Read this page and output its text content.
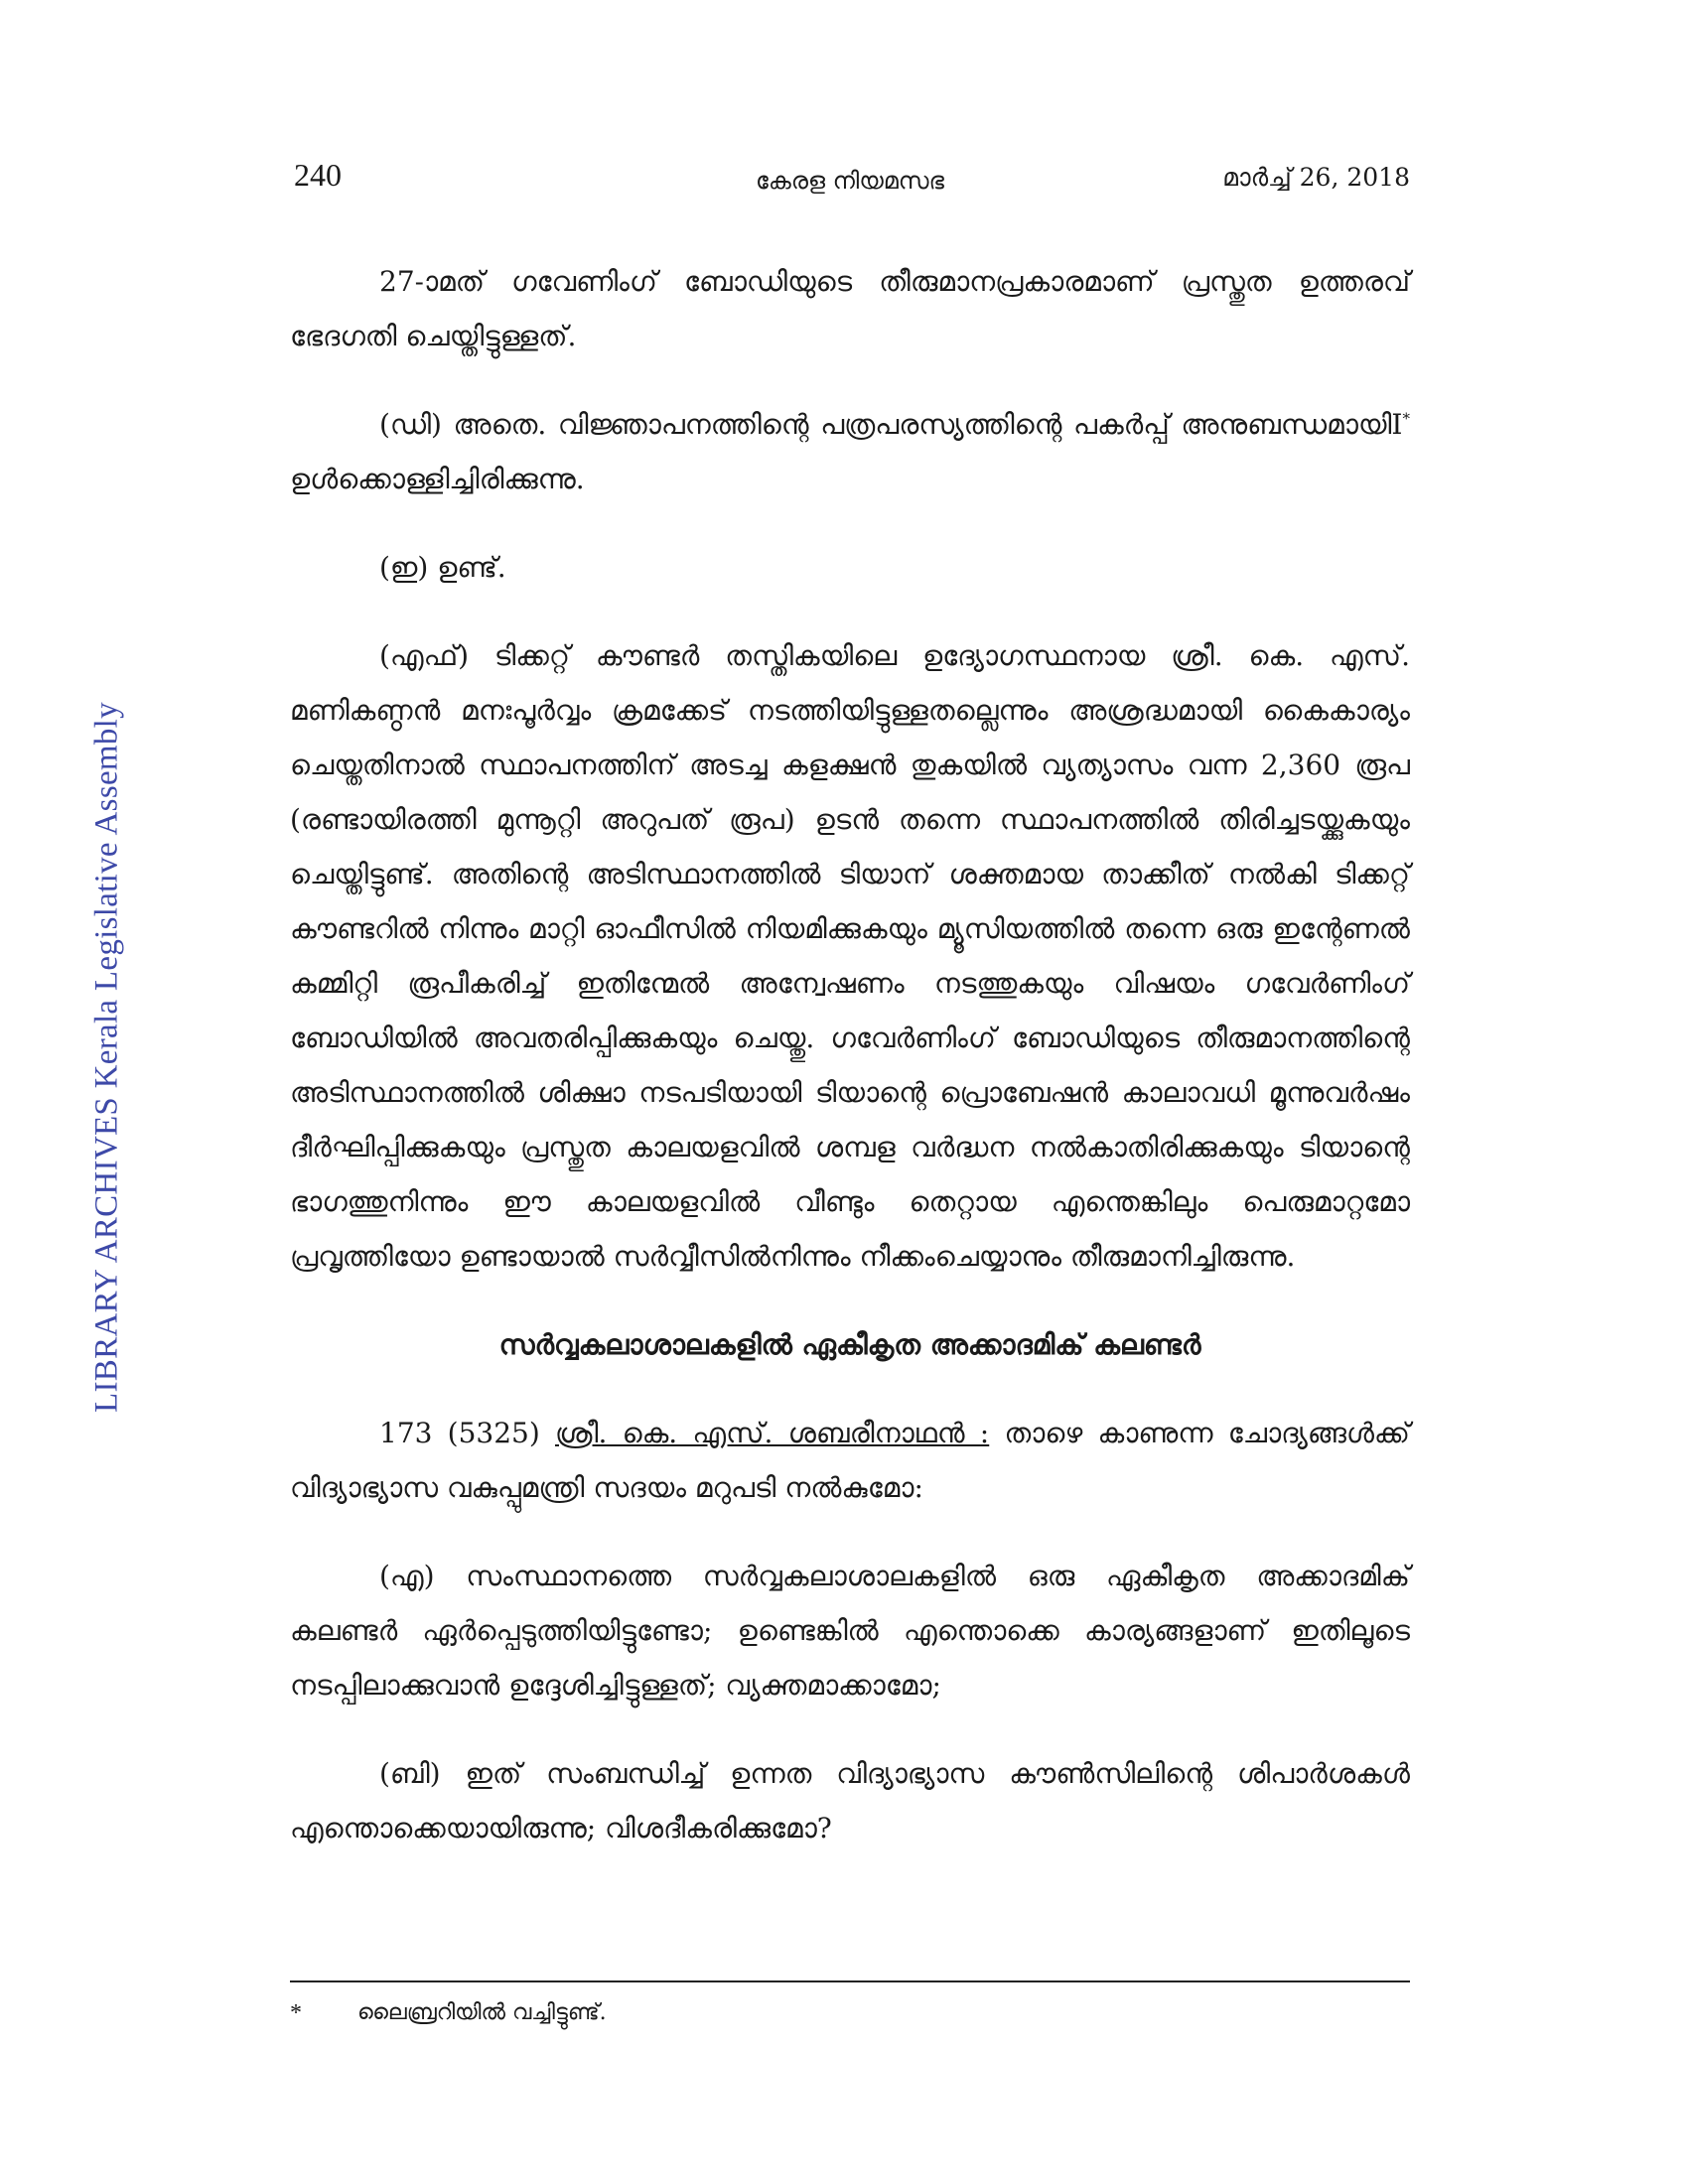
LIBRARY ARCHIVES Kerala Legislative Assembly
240	കേരള നിയമസഭ	മാർച്ച് 26, 2018

27-ാമത് ഗവേണിംഗ് ബോഡിയുടെ തീരുമാനപ്രകാരമാണ് പ്രസ്തുത ഉത്തരവ് ഭേദഗതി ചെയ്തിട്ടുള്ളത്.

(ഡി) അതെ. വിജ്ഞാപനത്തിന്റെ പത്രപരസ്യത്തിന്റെ പകർപ്പ് അനുബന്ധമായിI* ഉൾക്കൊള്ളിച്ചിരിക്കുന്നു.

(ഇ) ഉണ്ട്.

(എഫ്) ടിക്കറ്റ് കൗണ്ടർ തസ്തികയിലെ ഉദ്യോഗസ്ഥനായ ശ്രീ. കെ. എസ്. മണികണ്ഠൻ മനഃപൂർവ്വം ക്രമക്കേട് നടത്തിയിട്ടുള്ളതല്ലെന്നും അശ്രദ്ധമായി കൈകാര്യം ചെയ്തതിനാൽ സ്ഥാപനത്തിന് അടച്ച കളക്ഷൻ തുകയിൽ വ്യത്യാസം വന്ന 2,360 രൂപ (രണ്ടായിരത്തി മുന്നൂറ്റി അറുപത് രൂപ) ഉടൻ തന്നെ സ്ഥാപനത്തിൽ തിരിച്ചടയ്ക്കുകയും ചെയ്തിട്ടുണ്ട്. അതിന്റെ അടിസ്ഥാനത്തിൽ ടിയാന് ശക്തമായ താക്കീത് നൽകി ടിക്കറ്റ് കൗണ്ടറിൽ നിന്നും മാറ്റി ഓഫീസിൽ നിയമിക്കുകയും മ്യൂസിയത്തിൽ തന്നെ ഒരു ഇന്റേണൽ കമ്മിറ്റി രൂപീകരിച്ച് ഇതിന്മേൽ അന്വേഷണം നടത്തുകയും വിഷയം ഗവേർണിംഗ് ബോഡിയിൽ അവതരിപ്പിക്കുകയും ചെയ്തു. ഗവേർണിംഗ് ബോഡിയുടെ തീരുമാനത്തിന്റെ അടിസ്ഥാനത്തിൽ ശിക്ഷാ നടപടിയായി ടിയാന്റെ പ്രൊബേഷൻ കാലാവധി മൂന്നുവർഷം ദീർഘിപ്പിക്കുകയും പ്രസ്തുത കാലയളവിൽ ശമ്പള വർദ്ധന നൽകാതിരിക്കുകയും ടിയാന്റെ ഭാഗത്തുനിന്നും ഈ കാലയളവിൽ വീണ്ടും തെറ്റായ എന്തെങ്കിലും പെരുമാറ്റമോ പ്രവൃത്തിയോ ഉണ്ടായാൽ സർവ്വീസിൽനിന്നും നീക്കംചെയ്യാനും തീരുമാനിച്ചിരുന്നു.

സർവ്വകലാശാലകളിൽ ഏകീകൃത അക്കാദമിക് കലണ്ടർ

173 (5325) ശ്രീ. കെ. എസ്. ശബരീനാഥൻ : താഴെ കാണുന്ന ചോദ്യങ്ങൾക്ക് വിദ്യാഭ്യാസ വകുപ്പുമന്ത്രി സദയം മറുപടി നൽകുമോ:

(എ) സംസ്ഥാനത്തെ സർവ്വകലാശാലകളിൽ ഒരു ഏകീകൃത അക്കാദമിക് കലണ്ടർ ഏർപ്പെടുത്തിയിട്ടുണ്ടോ; ഉണ്ടെങ്കിൽ എന്തൊക്കെ കാര്യങ്ങളാണ് ഇതിലൂടെ നടപ്പിലാക്കുവാൻ ഉദ്ദേശിച്ചിട്ടുള്ളത്; വ്യക്തമാക്കാമോ;

(ബി) ഇത് സംബന്ധിച്ച് ഉന്നത വിദ്യാഭ്യാസ കൗൺസിലിന്റെ ശിപാർശകൾ എന്തൊക്കെയായിരുന്നു; വിശദീകരിക്കുമോ?

*	ലൈബ്രറിയിൽ വച്ചിട്ടുണ്ട്.
